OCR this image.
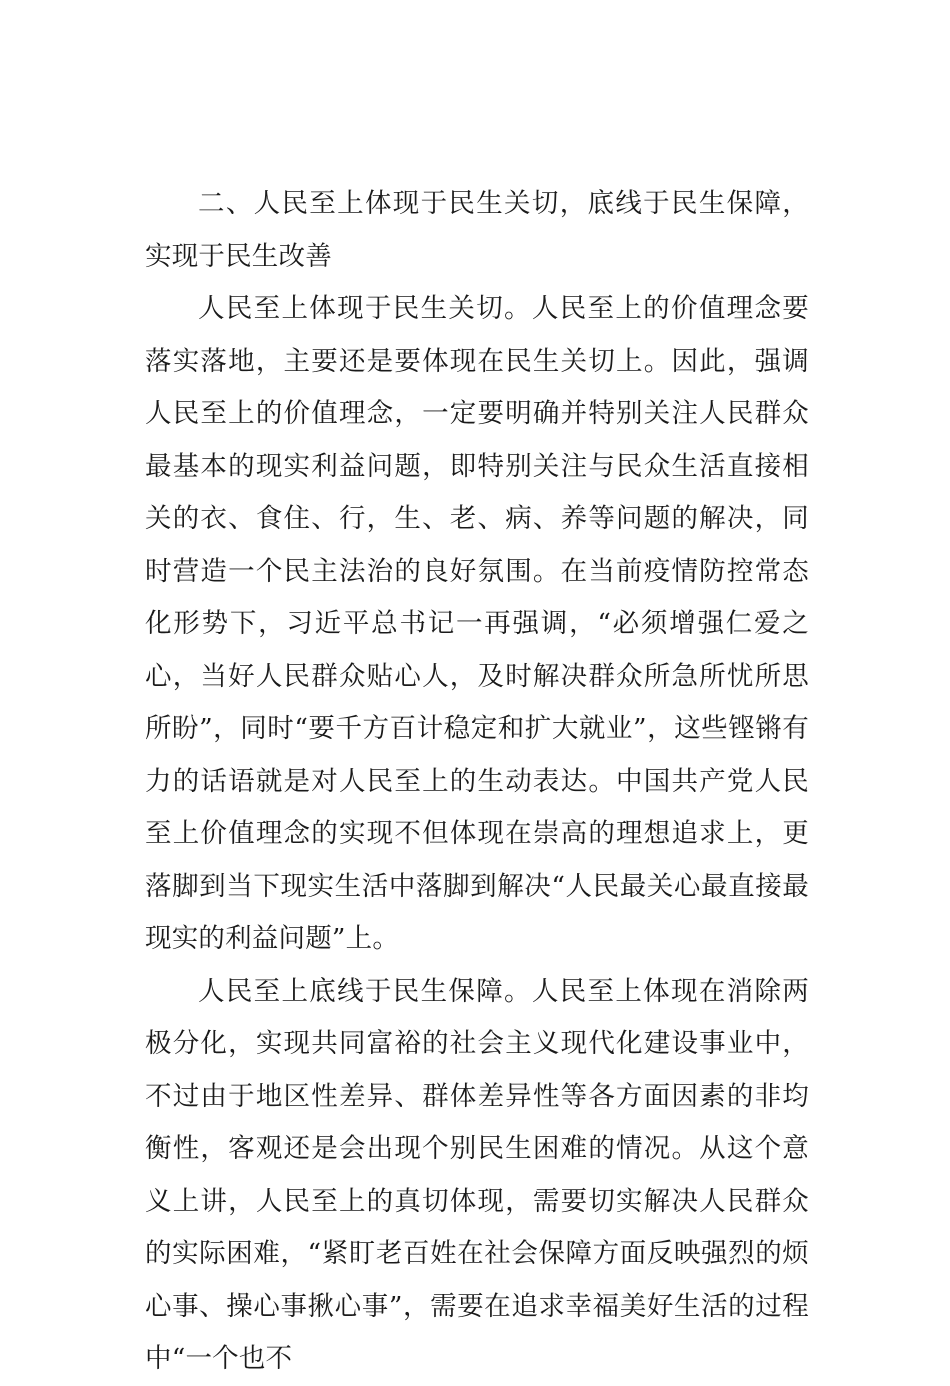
二、人民至上体现于民生关切，底线于民生保障，实现于民生改善

人民至上体现于民生关切。人民至上的价值理念要落实落地，主要还是要体现在民生关切上。因此，强调人民至上的价值理念，一定要明确并特别关注人民群众最基本的现实利益问题，即特别关注与民众生活直接相关的衣、食住、行，生、老、病、养等问题的解决，同时营造一个民主法治的良好氛围。在当前疫情防控常态化形势下，习近平总书记一再强调，“必须增强仁爱之心，当好人民群众贴心人，及时解决群众所急所忧所思所盼”，同时“要千方百计稳定和扩大就业”，这些铿锵有力的话语就是对人民至上的生动表达。中国共产党人民至上价值理念的实现不但体现在崇高的理想追求上，更落脚到当下现实生活中落脚到解决“人民最关心最直接最现实的利益问题”上。

人民至上底线于民生保障。人民至上体现在消除两极分化，实现共同富裕的社会主义现代化建设事业中，不过由于地区性差异、群体差异性等各方面因素的非均衡性，客观还是会出现个别民生困难的情况。从这个意义上讲，人民至上的真切体现，需要切实解决人民群众的实际困难，“紧盯老百姓在社会保障方面反映强烈的烦心事、操心事揪心事”，需要在追求幸福美好生活的过程中“一个也不
